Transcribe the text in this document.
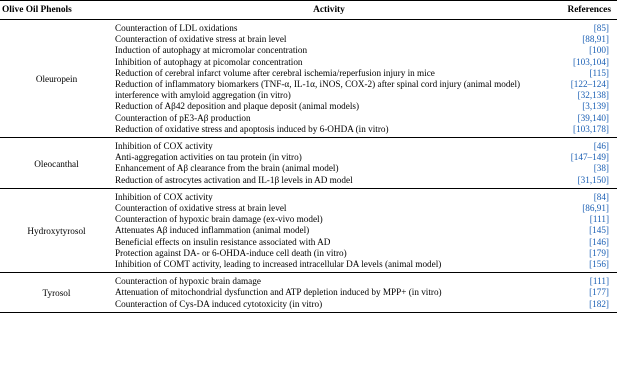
Olive Oil Phenols	Activity	References
Oleuropein	Counteraction of LDL oxidations	[85]
	Counteraction of oxidative stress at brain level	[88,91]
	Induction of autophagy at micromolar concentration	[100]
	Inhibition of autophagy at picomolar concentration	[103,104]
	Reduction of cerebral infarct volume after cerebral ischemia/reperfusion injury in mice	[115]
	Reduction of inflammatory biomarkers (TNF-α, IL-1α, iNOS, COX-2) after spinal cord injury (animal model)	[122–124]
	interference with amyloid aggregation (in vitro)	[32,138]
	Reduction of Aβ42 deposition and plaque deposit (animal models)	[3,139]
	Counteraction of pE3-Aβ production	[39,140]
	Reduction of oxidative stress and apoptosis induced by 6-OHDA (in vitro)	[103,178]
Oleocanthal	Inhibition of COX activity	[46]
	Anti-aggregation activities on tau protein (in vitro)	[147–149]
	Enhancement of Aβ clearance from the brain (animal model)	[38]
	Reduction of astrocytes activation and IL-1β levels in AD model	[31,150]
Hydroxytyrosol	Inhibition of COX activity	[84]
	Counteraction of oxidative stress at brain level	[86,91]
	Counteraction of hypoxic brain damage (ex-vivo model)	[111]
	Attenuates Aβ induced inflammation (animal model)	[145]
	Beneficial effects on insulin resistance associated with AD	[146]
	Protection against DA- or 6-OHDA-induce cell death (in vitro)	[179]
	Inhibition of COMT activity, leading to increased intracellular DA levels (animal model)	[156]
Tyrosol	Counteraction of hypoxic brain damage	[111]
	Attenuation of mitochondrial dysfunction and ATP depletion induced by MPP+ (in vitro)	[177]
	Counteraction of Cys-DA induced cytotoxicity (in vitro)	[182]
